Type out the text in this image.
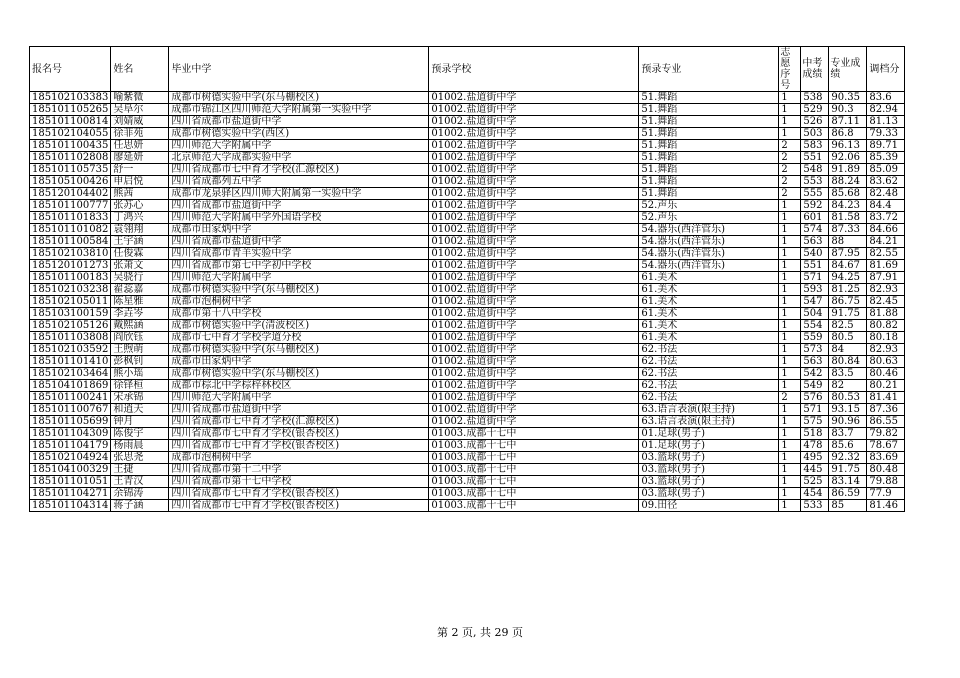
报名号	姓名	毕业中学	预录学校	预录专业	志愿序号	中考成绩	专业成绩	调档分
185102103383	喻紫微	成都市树德实验中学(东马棚校区)	01002.盐道街中学	51.舞蹈	1	538	90.35	83.6
185101105265	吴阜尔	成都市锦江区四川师范大学附属第一实验中学	01002.盐道街中学	51.舞蹈	1	529	90.3	82.94
185101100814	刘婧威	四川省成都市盐道街中学	01002.盐道街中学	51.舞蹈	1	526	87.11	81.13
185102104055	徐菲苑	成都市树德实验中学(西区)	01002.盐道街中学	51.舞蹈	1	503	86.8	79.33
185101100435	任思妍	四川师范大学附属中学	01002.盐道街中学	51.舞蹈	2	583	96.13	89.71
185101102808	廖延妍	北京师范大学成都实验中学	01002.盐道街中学	51.舞蹈	2	551	92.06	85.39
185101105735	舒一	四川省成都市七中育才学校(汇源校区)	01002.盐道街中学	51.舞蹈	2	548	91.89	85.09
185105100426	申启悦	四川省成都列五中学	01002.盐道街中学	51.舞蹈	2	553	88.24	83.62
185120104402	熊茜	成都市龙泉驿区四川师大附属第一实验中学	01002.盐道街中学	51.舞蹈	2	555	85.68	82.48
185101100777	张苏心	四川省成都市盐道街中学	01002.盐道街中学	52.声乐	1	592	84.23	84.4
185101101833	丁鸿兴	四川师范大学附属中学外国语学校	01002.盐道街中学	52.声乐	1	601	81.58	83.72
185101101082	袁翎翔	成都市田家炳中学	01002.盐道街中学	54.器乐(西洋管乐)	1	574	87.33	84.66
185101100584	王宇涵	四川省成都市盐道街中学	01002.盐道街中学	54.器乐(西洋管乐)	1	563	88	84.21
185102103810	任俊霖	四川省成都市青羊实验中学	01002.盐道街中学	54.器乐(西洋管乐)	1	540	87.95	82.55
185120101273	张萧文	四川省成都市第七中学初中学校	01002.盐道街中学	54.器乐(西洋管乐)	1	551	84.67	81.69
185101100183	吴骁行	四川师范大学附属中学	01002.盐道街中学	61.美术	1	571	94.25	87.91
185102103238	翟蕊嘉	成都市树德实验中学(东马棚校区)	01002.盐道街中学	61.美术	1	593	81.25	82.93
185102105011	陈星雅	成都市泡桐树中学	01002.盐道街中学	61.美术	1	547	86.75	82.45
185103100159	李垚岑	成都市第十八中学校	01002.盐道街中学	61.美术	1	504	91.75	81.88
185102105126	戴熙涵	成都市树德实验中学(清波校区)	01002.盐道街中学	61.美术	1	554	82.5	80.82
185101103808	阎欣钰	成都市七中育才学校学道分校	01002.盐道街中学	61.美术	1	559	80.5	80.18
185102103592	王煦萌	成都市树德实验中学(东马棚校区)	01002.盐道街中学	62.书法	1	573	84	82.93
185101101410	彭枫钊	成都市田家炳中学	01002.盐道街中学	62.书法	1	563	80.84	80.63
185102103464	熊小瑶	成都市树德实验中学(东马棚校区)	01002.盐道街中学	62.书法	1	542	83.5	80.46
185104101869	徐铎桓	成都市棕北中学棕梓林校区	01002.盐道街中学	62.书法	1	549	82	80.21
185101100241	宋承锦	四川师范大学附属中学	01002.盐道街中学	62.书法	2	576	80.53	81.41
185101100767	和逍天	四川省成都市盐道街中学	01002.盐道街中学	63.语言表演(限主持)	1	571	93.15	87.36
185101105699	钟月	四川省成都市七中育才学校(汇源校区)	01002.盐道街中学	63.语言表演(限主持)	1	575	90.96	86.55
185101104309	陈俊宇	四川省成都市七中育才学校(银杏校区)	01003.成都十七中	01.足球(男子)	1	518	83.7	79.82
185101104179	杨雨晨	四川省成都市七中育才学校(银杏校区)	01003.成都十七中	01.足球(男子)	1	478	85.6	78.67
185102104924	张思尧	成都市泡桐树中学	01003.成都十七中	03.篮球(男子)	1	495	92.32	83.69
185104100329	王捷	四川省成都市第十二中学	01003.成都十七中	03.篮球(男子)	1	445	91.75	80.48
185101101051	王青汉	四川省成都市第十七中学校	01003.成都十七中	03.篮球(男子)	1	525	83.14	79.88
185101104271	余锦涛	四川省成都市七中育才学校(银杏校区)	01003.成都十七中	03.篮球(男子)	1	454	86.59	77.9
185101104314	蒋子涵	四川省成都市七中育才学校(银杏校区)	01003.成都十七中	09.田径	1	533	85	81.46
第 2 页, 共 29 页
